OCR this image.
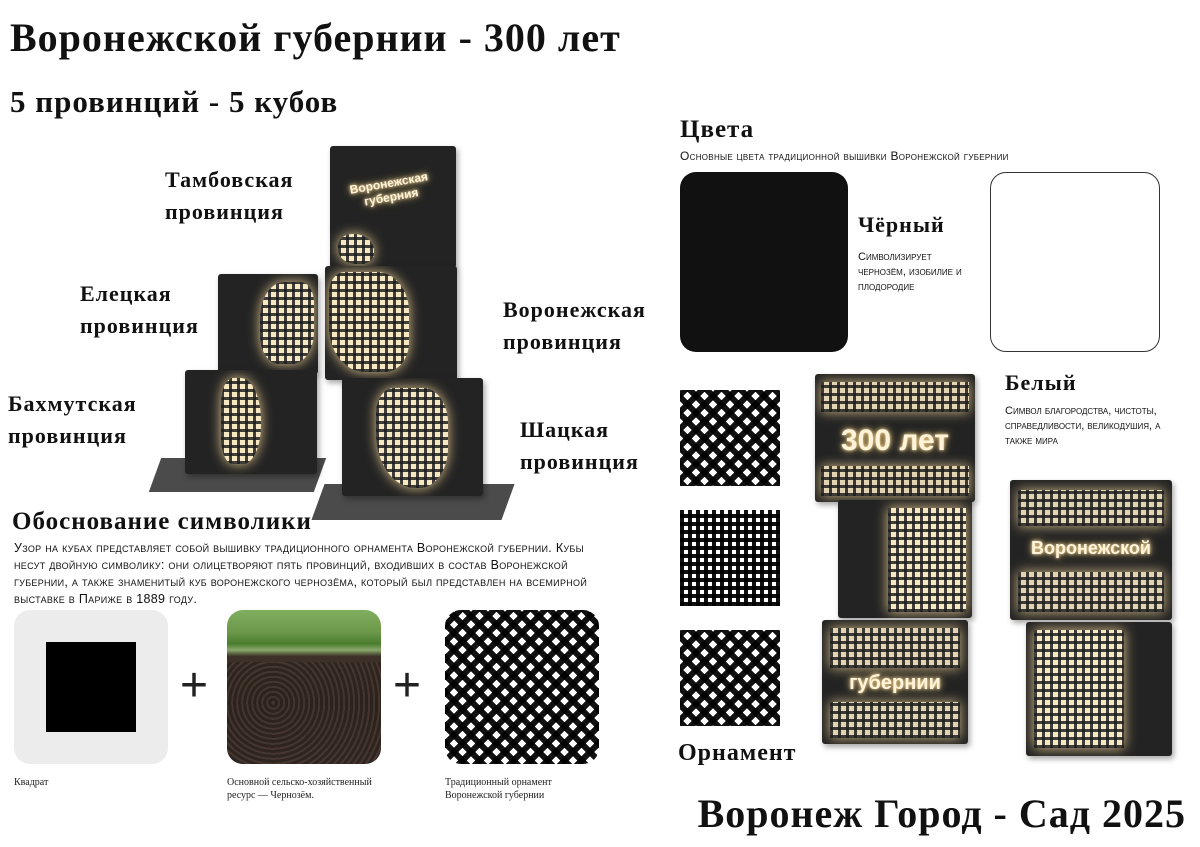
Воронежской губернии - 300 лет
5 провинций - 5 кубов
Воронежская губерния
Тамбовская
провинция
Елецкая
провинция
Воронежская
провинция
Бахмутская
провинция	Шацкая
провинция
Обоснование символики
Узор на кубах представляет собой вышивку традиционного орнамента Воронежской губернии. Кубы несут двойную символику: они олицетворяют пять провинций, входивших в состав Воронежской губернии, а также знаменитый куб воронежского чернозёма, который был представлен на всемирной выставке в Париже в 1889 году.
+	+
Квадрат	Основной сельско-хозяйственный ресурс — Чернозём.
Традиционный орнамент Воронежской губернии
Цвета
Основные цвета традиционной вышивки Воронежской губернии
Чёрный
Символизирует чернозём, изобилие и плодородие
Орнамент
300 лет
губернии
Белый
Символ благородства, чистоты, справедливости, великодушия, а также мира
Воронежской
Воронеж Город - Сад 2025
